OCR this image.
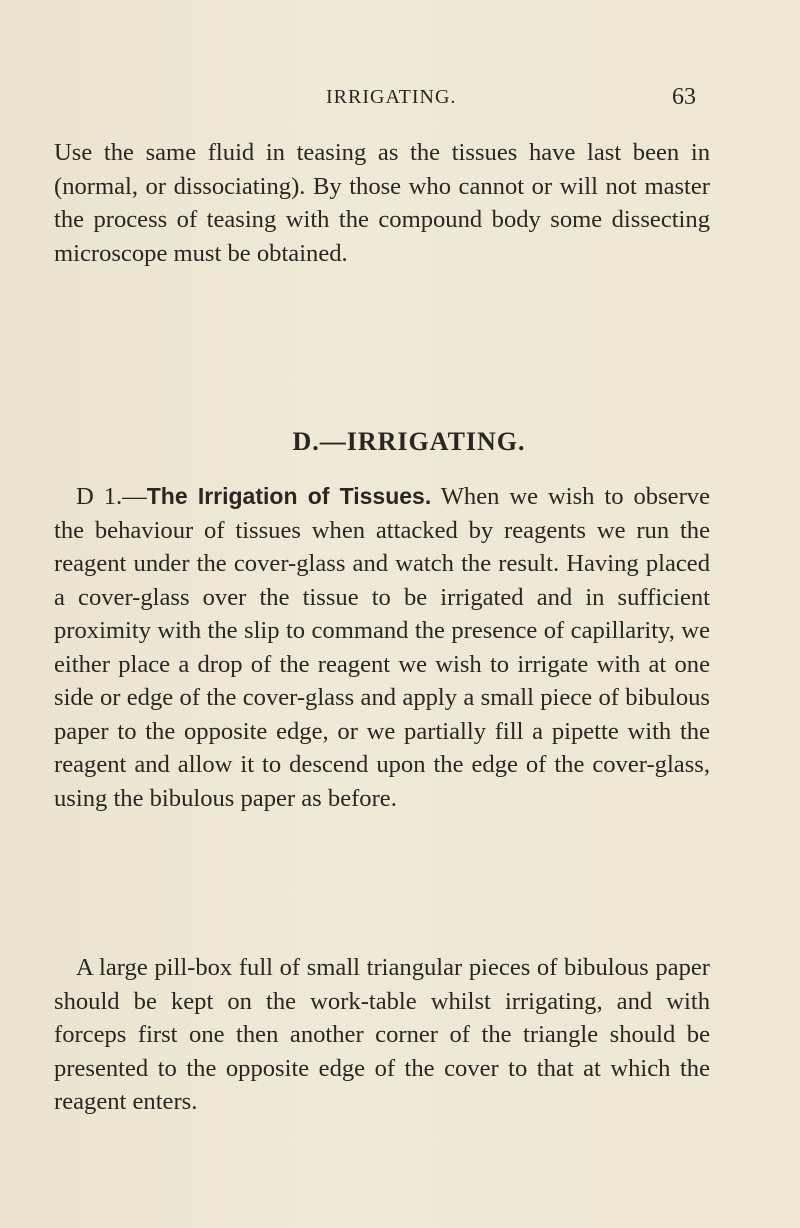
IRRIGATING.	63

Use the same fluid in teasing as the tissues have last been in (normal, or dissociating). By those who cannot or will not master the process of teasing with the compound body some dissecting microscope must be obtained.

D.—IRRIGATING.

D 1.—The Irrigation of Tissues. When we wish to observe the behaviour of tissues when attacked by reagents we run the reagent under the cover-glass and watch the result. Having placed a cover-glass over the tissue to be irrigated and in sufficient proximity with the slip to command the presence of capillarity, we either place a drop of the reagent we wish to irrigate with at one side or edge of the cover-glass and apply a small piece of bibulous paper to the opposite edge, or we partially fill a pipette with the reagent and allow it to descend upon the edge of the cover-glass, using the bibulous paper as before.

A large pill-box full of small triangular pieces of bibulous paper should be kept on the work-table whilst irrigating, and with forceps first one then another corner of the triangle should be presented to the opposite edge of the cover to that at which the reagent enters.
